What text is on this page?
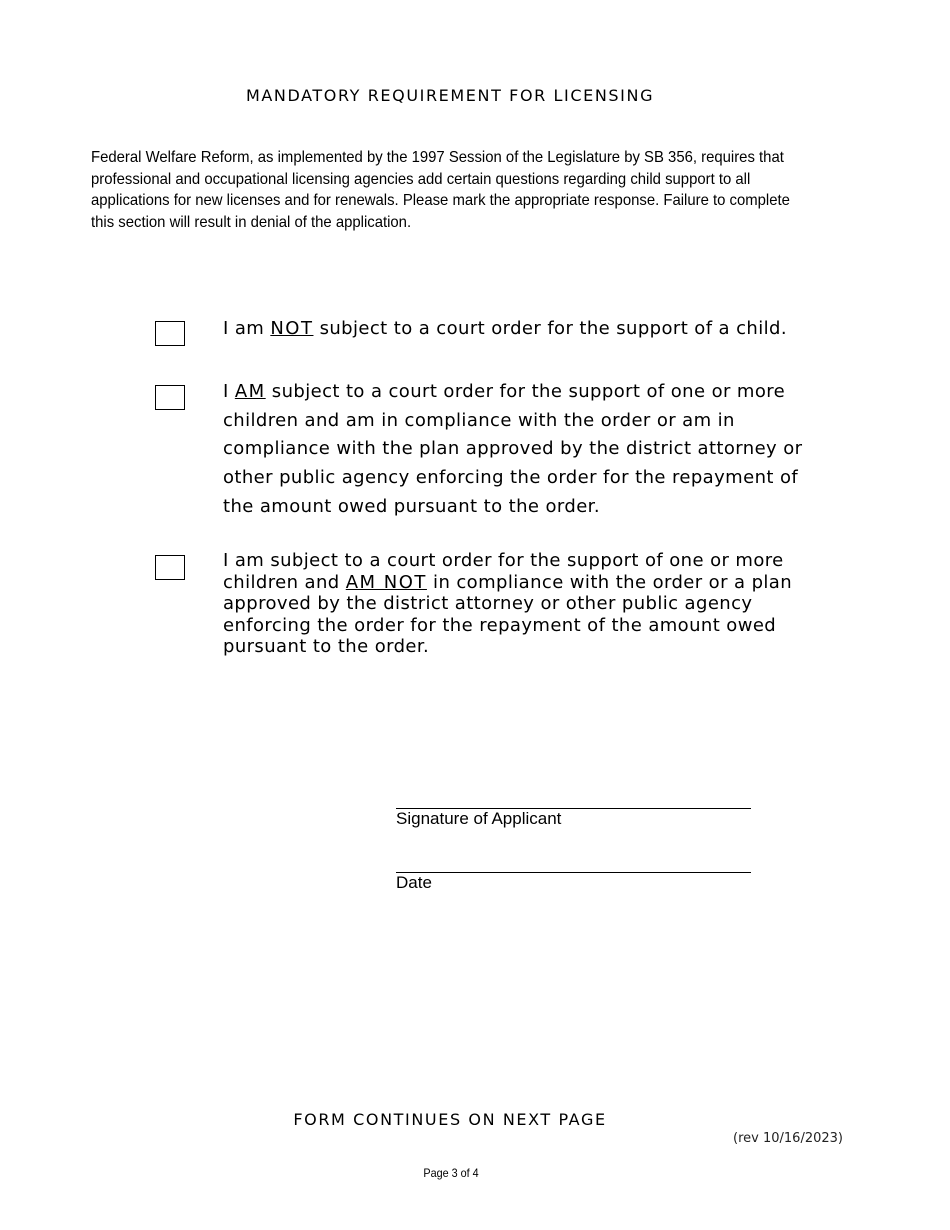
MANDATORY REQUIREMENT FOR LICENSING

Federal Welfare Reform, as implemented by the 1997 Session of the Legislature by SB 356, requires that professional and occupational licensing agencies add certain questions regarding child support to all applications for new licenses and for renewals. Please mark the appropriate response. Failure to complete this section will result in denial of the application.

I am NOT subject to a court order for the support of a child.

I AM subject to a court order for the support of one or more children and am in compliance with the order or am in compliance with the plan approved by the district attorney or other public agency enforcing the order for the repayment of the amount owed pursuant to the order.

I am subject to a court order for the support of one or more children and AM NOT in compliance with the order or a plan approved by the district attorney or other public agency enforcing the order for the repayment of the amount owed pursuant to the order.

Signature of Applicant

Date

FORM CONTINUES ON NEXT PAGE

(rev 10/16/2023)

Page 3 of 4
